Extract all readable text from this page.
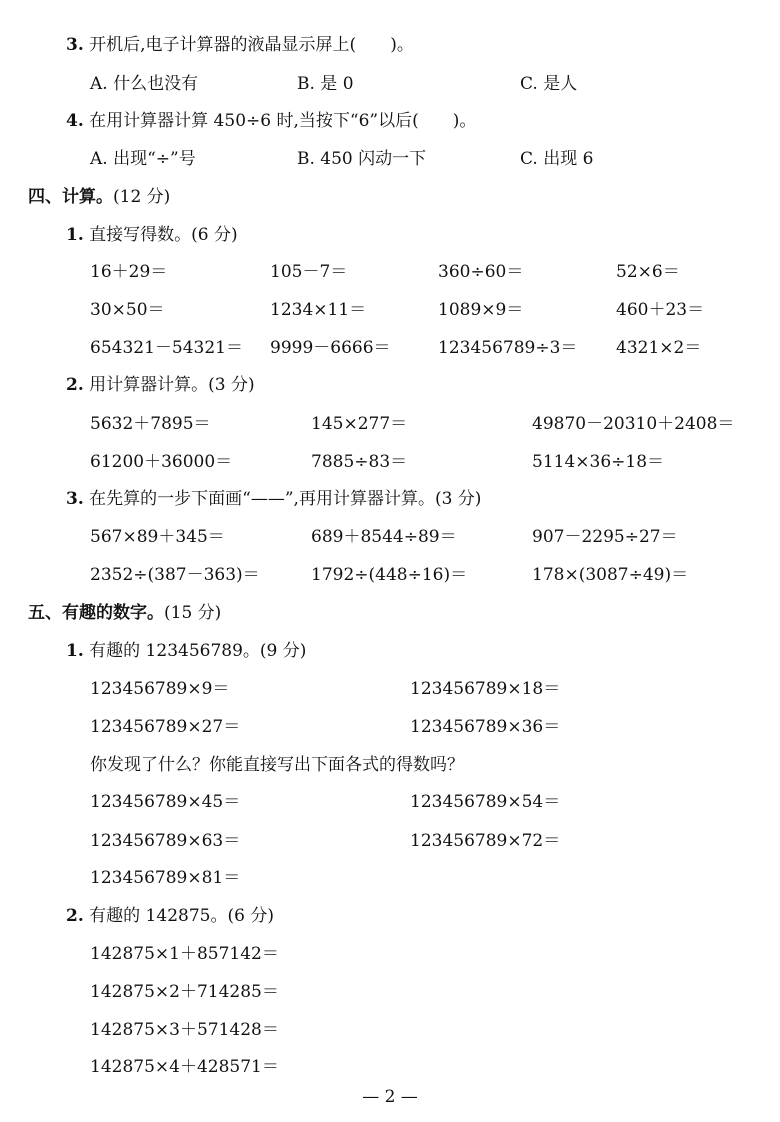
3. 开机后,电子计算器的液晶显示屏上(　　)。
A. 什么也没有	B. 是 0	C. 是人
4. 在用计算器计算 450÷6 时,当按下“6”以后(　　)。
A. 出现“÷”号	B. 450 闪动一下	C. 出现 6
四、计算。(12 分)
1. 直接写得数。(6 分)
16＋29＝	105－7＝	360÷60＝	52×6＝
30×50＝	1234×11＝	1089×9＝	460＋23＝
654321－54321＝ 9999－6666＝	123456789÷3＝ 4321×2＝
2. 用计算器计算。(3 分)
5632＋7895＝	145×277＝	49870－20310＋2408＝
61200＋36000＝	7885÷83＝	5114×36÷18＝
3. 在先算的一步下面画“——”,再用计算器计算。(3 分)
567×89＋345＝	689＋8544÷89＝	907－2295÷27＝
2352÷(387－363)＝	1792÷(448÷16)＝	178×(3087÷49)＝
五、有趣的数字。(15 分)
1. 有趣的 123456789。(9 分)
123456789×9＝	123456789×18＝
123456789×27＝	123456789×36＝
你发现了什么？你能直接写出下面各式的得数吗？
123456789×45＝	123456789×54＝
123456789×63＝	123456789×72＝
123456789×81＝
2. 有趣的 142875。(6 分)
142875×1＋857142＝
142875×2＋714285＝
142875×3＋571428＝
142875×4＋428571＝
— 2 —
